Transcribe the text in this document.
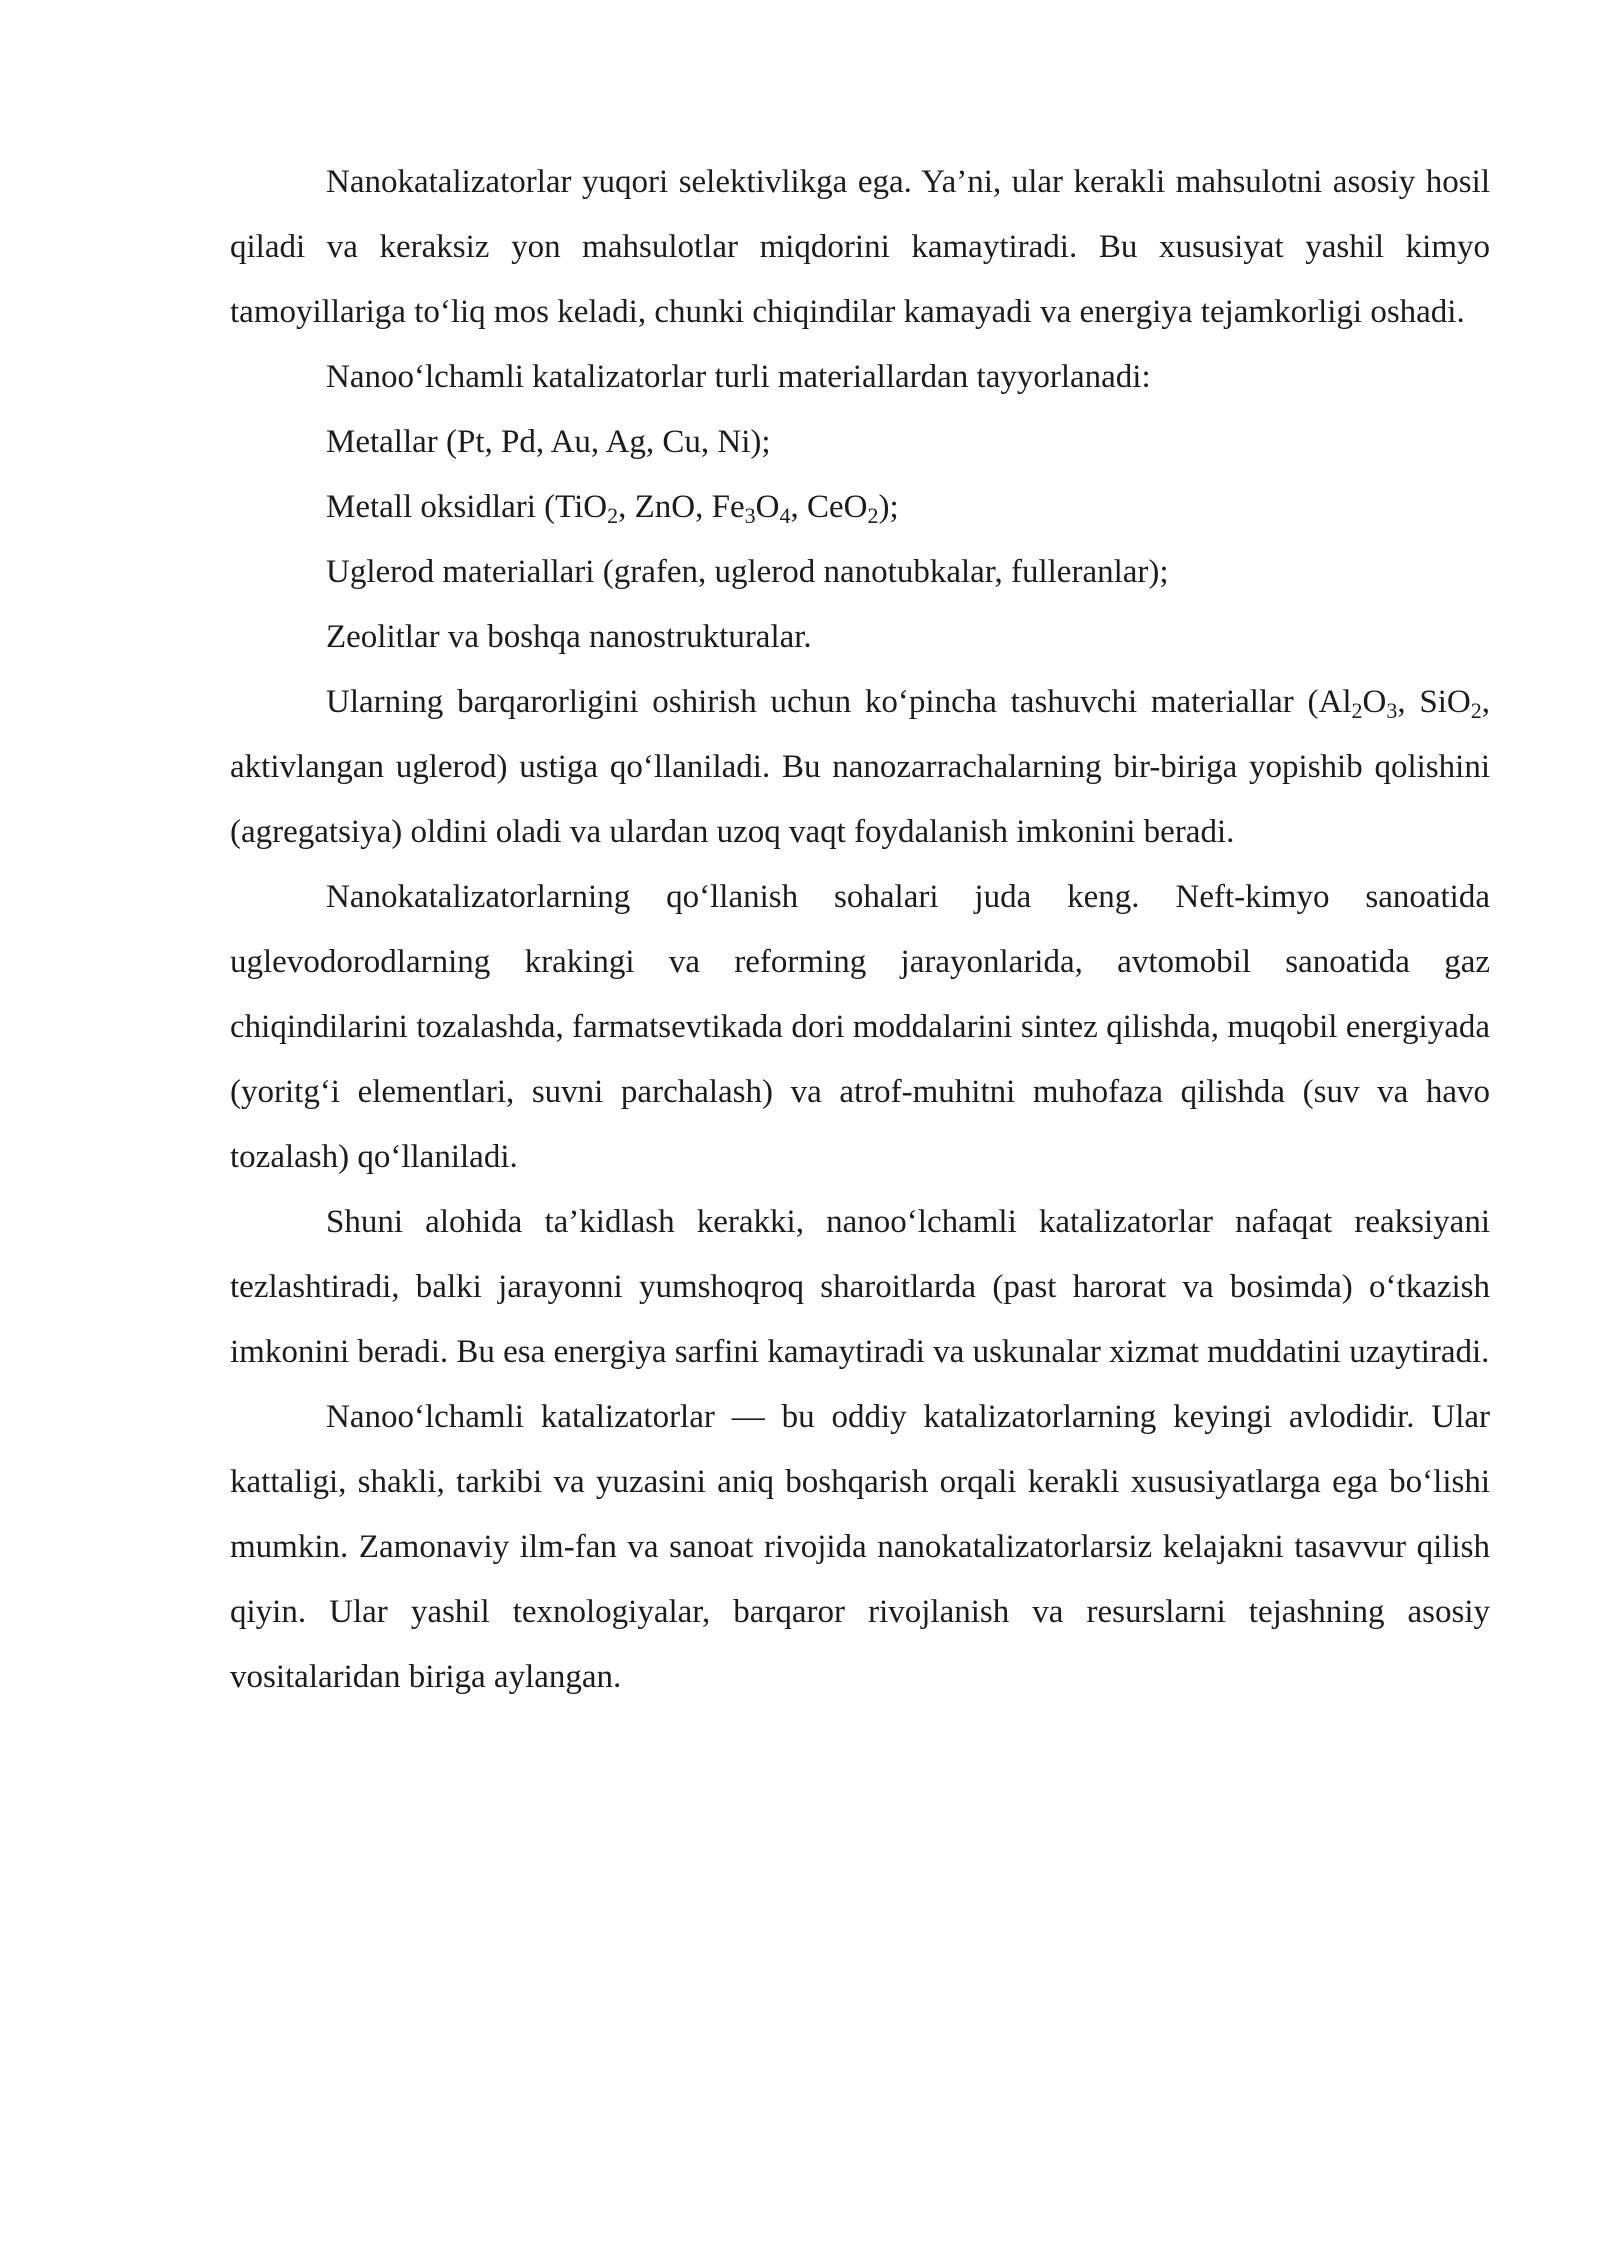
Nanokatalizatorlar yuqori selektivlikga ega. Ya’ni, ular kerakli mahsulotni asosiy hosil qiladi va keraksiz yon mahsulotlar miqdorini kamaytiradi. Bu xususiyat yashil kimyo tamoyillariga to‘liq mos keladi, chunki chiqindilar kamayadi va energiya tejamkorligi oshadi.

Nanoo‘lchamli katalizatorlar turli materiallardan tayyorlanadi:

Metallar (Pt, Pd, Au, Ag, Cu, Ni);

Metall oksidlari (TiO$_2$, ZnO, $Fe_3O_4$, CeO$_2$);

Uglerod materiallari (grafen, uglerod nanotubkalar, fulleranlar);

Zeolitlar va boshqa nanostrukturalar.

Ularning barqarorligini oshirish uchun ko‘pincha tashuvchi materiallar ($Al_2O_3$, SiO$_2$, aktivlangan uglerod) ustiga qo‘llaniladi. Bu nanozarrachalarning bir-biriga yopishib qolishini (agregatsiya) oldini oladi va ulardan uzoq vaqt foydalanish imkonini beradi.

Nanokatalizatorlarning qo‘llanish sohalari juda keng. Neft-kimyo sanoatida uglevodorodlarning krakingi va reforming jarayonlarida, avtomobil sanoatida gaz chiqindilarini tozalashda, farmatsevtikada dori moddalarini sintez qilishda, muqobil energiyada (yoritg‘i elementlari, suvni parchalash) va atrof-muhitni muhofaza qilishda (suv va havo tozalash) qo‘llaniladi.

Shuni alohida ta’kidlash kerakki, nanoo‘lchamli katalizatorlar nafaqat reaksiyani tezlashtiradi, balki jarayonni yumshoqroq sharoitlarda (past harorat va bosimda) o‘tkazish imkonini beradi. Bu esa energiya sarfini kamaytiradi va uskunalar xizmat muddatini uzaytiradi.

Nanoo‘lchamli katalizatorlar — bu oddiy katalizatorlarning keyingi avlodidir. Ular kattaligi, shakli, tarkibi va yuzasini aniq boshqarish orqali kerakli xususiyatlarga ega bo‘lishi mumkin. Zamonaviy ilm-fan va sanoat rivojida nanokatalizatorlarsiz kelajakni tasavvur qilish qiyin. Ular yashil texnologiyalar, barqaror rivojlanish va resurslarni tejashning asosiy vositalaridan biriga aylangan.
